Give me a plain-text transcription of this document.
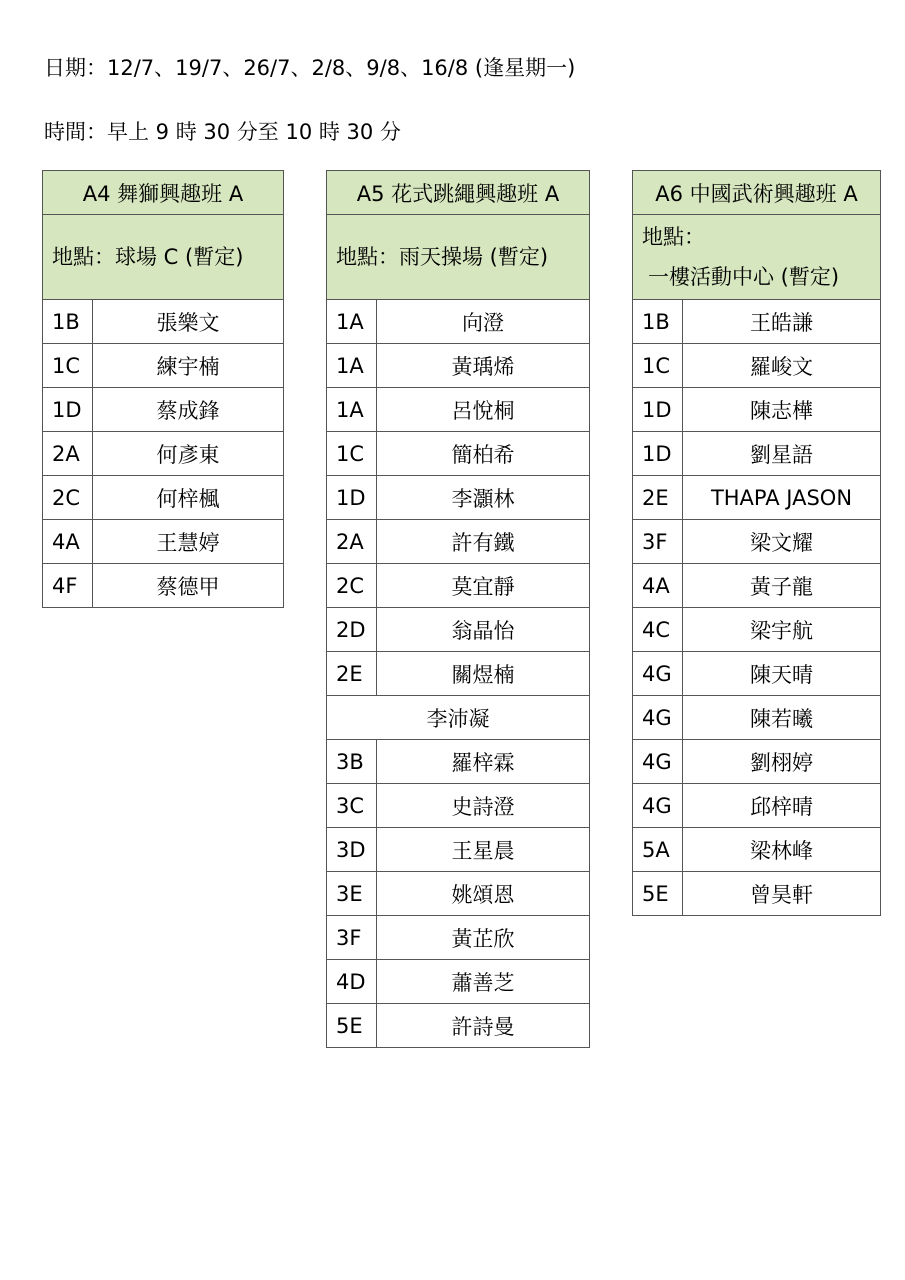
日期：12/7、19/7、26/7、2/8、9/8、16/8 (逢星期一)
時間：早上 9 時 30 分至 10 時 30 分
A4 舞獅興趣班 A	
地點：球場 C (暫定)	
1B	張樂文
1C	練宇楠
1D	蔡成鋒
2A	何彥東
2C	何梓楓
4A	王慧婷
4F	蔡德甲
A5 花式跳繩興趣班 A	
地點：雨天操場 (暫定)	
1A	向澄
1A	黃瑀烯
1A	呂悅桐
1C	簡柏希
1D	李灝林
2A	許有鐵
2C	莫宜靜
2D	翁晶怡
2E	關煜楠
李沛凝	
3B	羅梓霖
3C	史詩澄
3D	王星晨
3E	姚頌恩
3F	黃芷欣
4D	蕭善芝
5E	許詩曼
A6 中國武術興趣班 A	

地點：
一樓活動中心 (暫定)	

1B	王皓謙
1C	羅峻文
1D	陳志樺
1D	劉星語
2E	THAPA JASON
3F	梁文耀
4A	黃子龍
4C	梁宇航
4G	陳天晴
4G	陳若曦
4G	劉栩婷
4G	邱梓晴
5A	梁林峰
5E	曾昊軒
